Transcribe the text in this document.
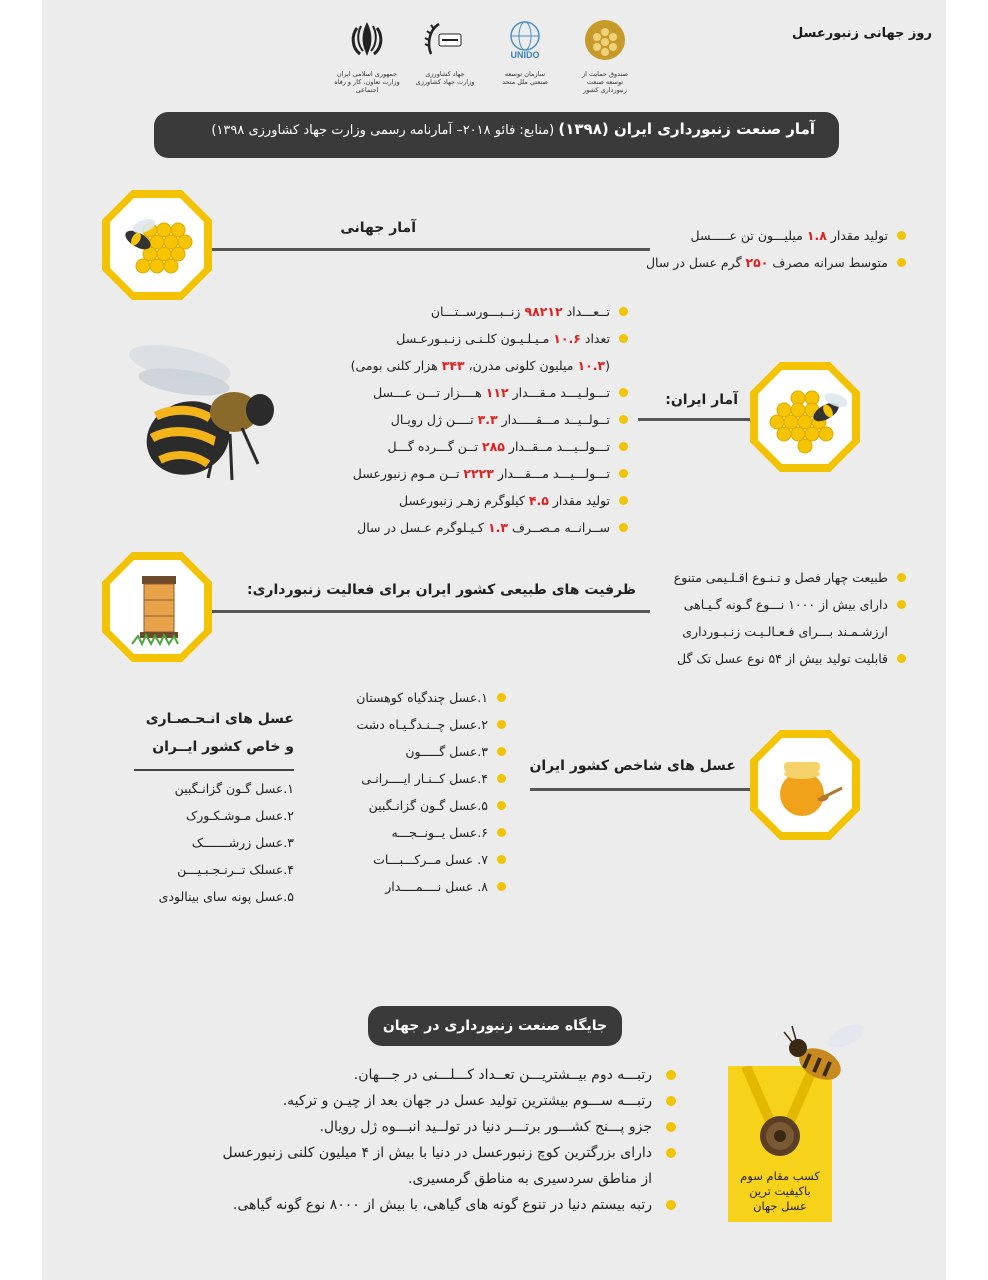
روز جهانی زنبورعسل
جمهوری اسلامی ایران
وزارت تعاون، کار و رفاه اجتماعی
جهاد کشاورزی
وزارت جهاد کشاورزی
UNIDO
سازمان توسعه
صنعتی ملل متحد
صندوق حمایت از
توسعه صنعت
زنبورداری کشور
آمار صنعت زنبورداری ایران (۱۳۹۸) (منابع: فائو ۲۰۱۸– آمارنامه رسمی وزارت جهاد کشاورزی ۱۳۹۸)
آمار جهانی	تولید مقدار ۱.۸ میلیـــون تن عـــــسل
متوسط سرانه مصرف ۲۵۰ گرم عسل در سال
تــعـــداد ۹۸۲۱۲ زنــبـــورســتـــان
تعداد ۱۰.۶ مـیـلـیـون کلـنـی زنـبـورعـسل
(۱۰.۳ میلیون کلونی مدرن، ۳۴۳ هزار کلنی بومی)
تـــولـیـــد مـقـــدار ۱۱۲ هــــزار تـــن عـــسل
تــولــیــد مـــقـــــدار ۳.۳ تــــن ژل رویـال
تـــولــیـــد مــقــدار ۲۸۵ تــن گـــرده گـــل
تـــولـــیـــد مـــقـــدار ۲۲۲۳ تــن مـوم زنبورعسل
تولید مقدار ۴.۵ کیلوگرم زهـر زنبورعسل
ســرانــه مـصــرف ۱.۳ کـیـلوگرم عـسل در سال
آمار ایران:
ظرفیت های طبیعی کشور ایران برای فعالیت زنبورداری:
طبیعت چهار فصل و تـنـوع اقـلـیمی متنوع
دارای بیش از ۱۰۰۰ نـــوع گـونه گـیـاهی
ارزشـمـند بـــرای فـعـالـیـت زنـبـورداری
قابلیت تولید بیش از ۵۴ نوع عسل تک گل
عسل های انـحـصـاری
و خاص کشور ایــران
۱.عسل گـون گزانـگبین
۲.عسل مـوشـکـورک
۳.عسل زرشـــــــک
۴.عسلک تــرنـجـبـیـــن
۵.عسل پونه سای بینالودی
۱.عسل چندگیاه کوهستان
۲.عسل چــنـدگـیـاه دشت
۳.عسل گـــــون
۴.عسل کــنـار ایــــرانـی
۵.عسل گـون گزانـگبین
۶.عسل یــونــجـــه
۷. عسل مــرکـــبـــات
۸. عسل نــــمــــدار
عسل های شاخص کشور ایران
جایگاه صنعت زنبورداری در جهان
رتبـــه دوم بیــشتریـــن تعــداد کـــلـــنی در جـــهان.
رتبـــه ســـوم بیشترین تولید عسل در جهان بعد از چیـن و ترکیه.
جزو پـــنج کشـــور برتـــر دنیا در تولــید انبـــوه ژل رویال.
دارای بزرگترین کوچ زنبورعسل در دنیا با بیش از ۴ میلیون کلنی زنبورعسل
از مناطق سردسیری به مناطق گرمسیری.
رتبه بیستم دنیا در تنوع گونه های گیاهی، با بیش از ۸۰۰۰ نوع گونه گیاهی.
کسب مقام سوم
باکیفیت ترین
عسل جهان
